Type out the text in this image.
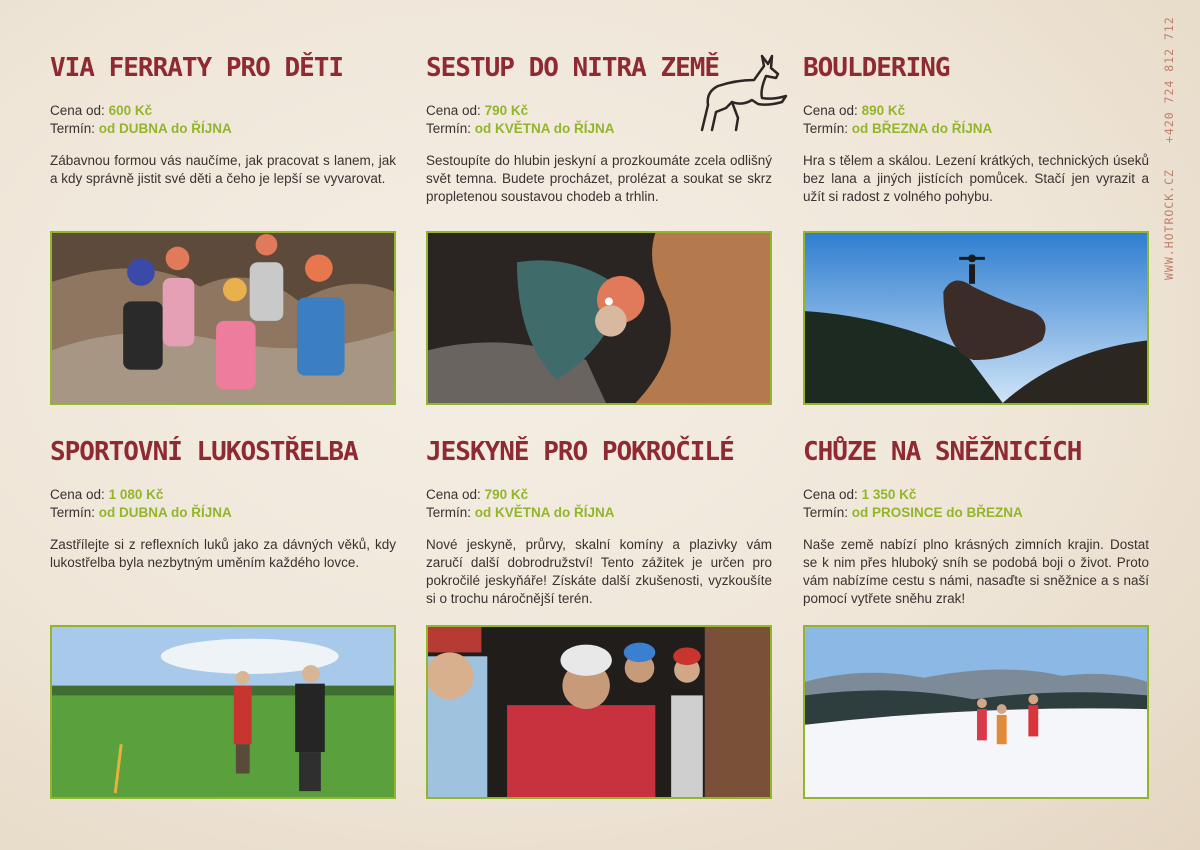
VIA FERRATY PRO DĚTI
Cena od: 600 Kč
Termín: od DUBNA do ŘÍJNA
Zábavnou formou vás naučíme, jak pracovat s lanem, jak a kdy správně jistit své děti a čeho je lepší se vyvarovat.
SESTUP DO NITRA ZEMĚ
Cena od: 790 Kč
Termín: od KVĚTNA do ŘÍJNA
Sestoupíte do hlubin jeskyní a prozkoumáte zcela odlišný svět temna. Budete procházet, prolézat a soukat se skrz propletenou soustavou chodeb a trhlin.
BOULDERING
Cena od: 890 Kč
Termín: od BŘEZNA do ŘÍJNA
Hra s tělem a skálou. Lezení krátkých, technických úseků bez lana a jiných jistících pomůcek. Stačí jen vyrazit a užít si radost z volného pohybu.
SPORTOVNÍ LUKOSTŘELBA
Cena od: 1 080 Kč
Termín: od DUBNA do ŘÍJNA
Zastřílejte si z reflexních luků jako za dávných věků, kdy lukostřelba byla nezbytným uměním každého lovce.
JESKYNĚ PRO POKROČILÉ
Cena od: 790 Kč
Termín: od KVĚTNA do ŘÍJNA
Nové jeskyně, průrvy, skalní komíny a plazivky vám zaručí další dobrodružství! Tento zážitek je určen pro pokročilé jeskyňáře! Získáte další zkušenosti, vyzkoušíte si o trochu náročnější terén.
CHŮZE NA SNĚŽNICÍCH
Cena od: 1 350 Kč
Termín: od PROSINCE do BŘEZNA
Naše země nabízí plno krásných zimních krajin. Dostat se k nim přes hluboký sníh se podobá boji o život. Proto vám nabízíme cestu s námi, nasaďte si sněžnice a s naší pomocí vytřete sněhu zrak!
WWW.HOTROCK.CZ +420 724 812 712
